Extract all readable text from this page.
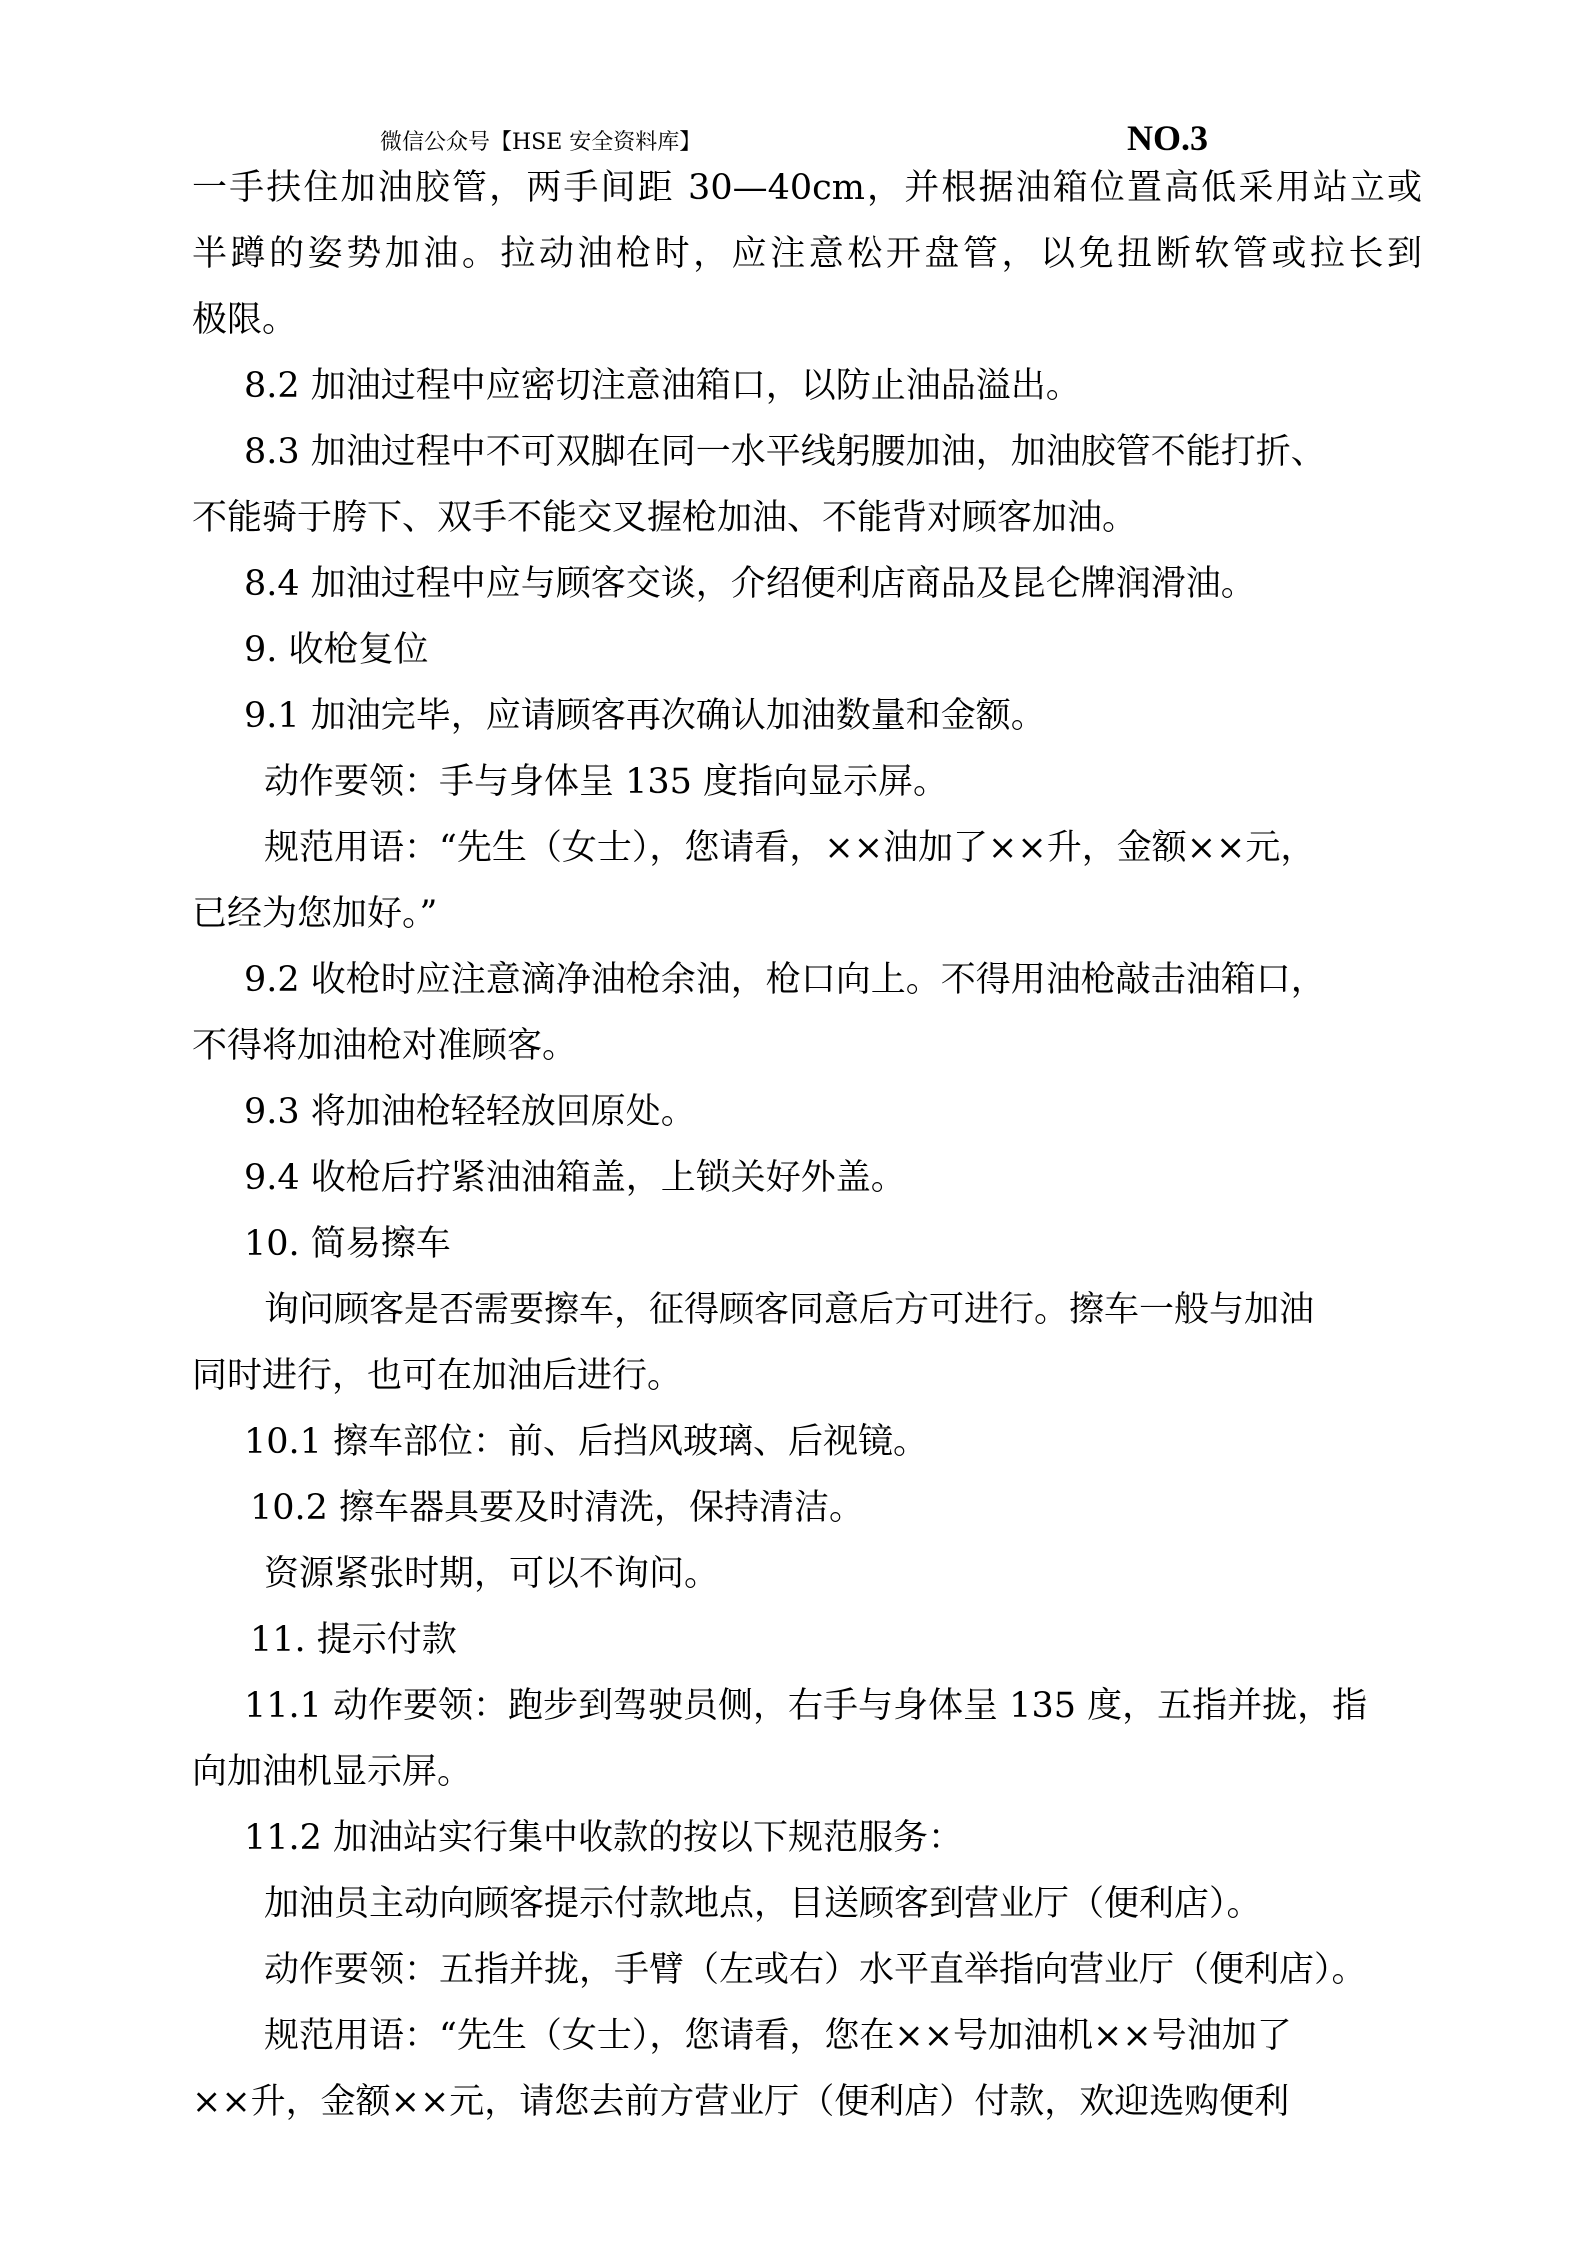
微信公众号【HSE 安全资料库】	NO.3
一手扶住加油胶管，两手间距 30—40cm，并根据油箱位置高低采用站立或
半蹲的姿势加油。拉动油枪时，应注意松开盘管，以免扭断软管或拉长到
极限。
8.2 加油过程中应密切注意油箱口，以防止油品溢出。
8.3 加油过程中不可双脚在同一水平线躬腰加油，加油胶管不能打折、
不能骑于胯下、双手不能交叉握枪加油、不能背对顾客加油。
8.4 加油过程中应与顾客交谈，介绍便利店商品及昆仑牌润滑油。
9. 收枪复位
9.1 加油完毕，应请顾客再次确认加油数量和金额。
动作要领：手与身体呈 135 度指向显示屏。
规范用语：“先生（女士），您请看，××油加了××升，金额××元，
已经为您加好。”
9.2 收枪时应注意滴净油枪余油，枪口向上。不得用油枪敲击油箱口，
不得将加油枪对准顾客。
9.3 将加油枪轻轻放回原处。
9.4 收枪后拧紧油油箱盖，上锁关好外盖。
10. 简易擦车
询问顾客是否需要擦车，征得顾客同意后方可进行。擦车一般与加油
同时进行，也可在加油后进行。
10.1 擦车部位：前、后挡风玻璃、后视镜。
10.2 擦车器具要及时清洗，保持清洁。
资源紧张时期，可以不询问。
11. 提示付款
11.1 动作要领：跑步到驾驶员侧，右手与身体呈 135 度，五指并拢，指
向加油机显示屏。
11.2 加油站实行集中收款的按以下规范服务：
加油员主动向顾客提示付款地点，目送顾客到营业厅（便利店）。
动作要领：五指并拢，手臂（左或右）水平直举指向营业厅（便利店）。
规范用语：“先生（女士），您请看，您在××号加油机××号油加了
××升，金额××元，请您去前方营业厅（便利店）付款，欢迎选购便利
